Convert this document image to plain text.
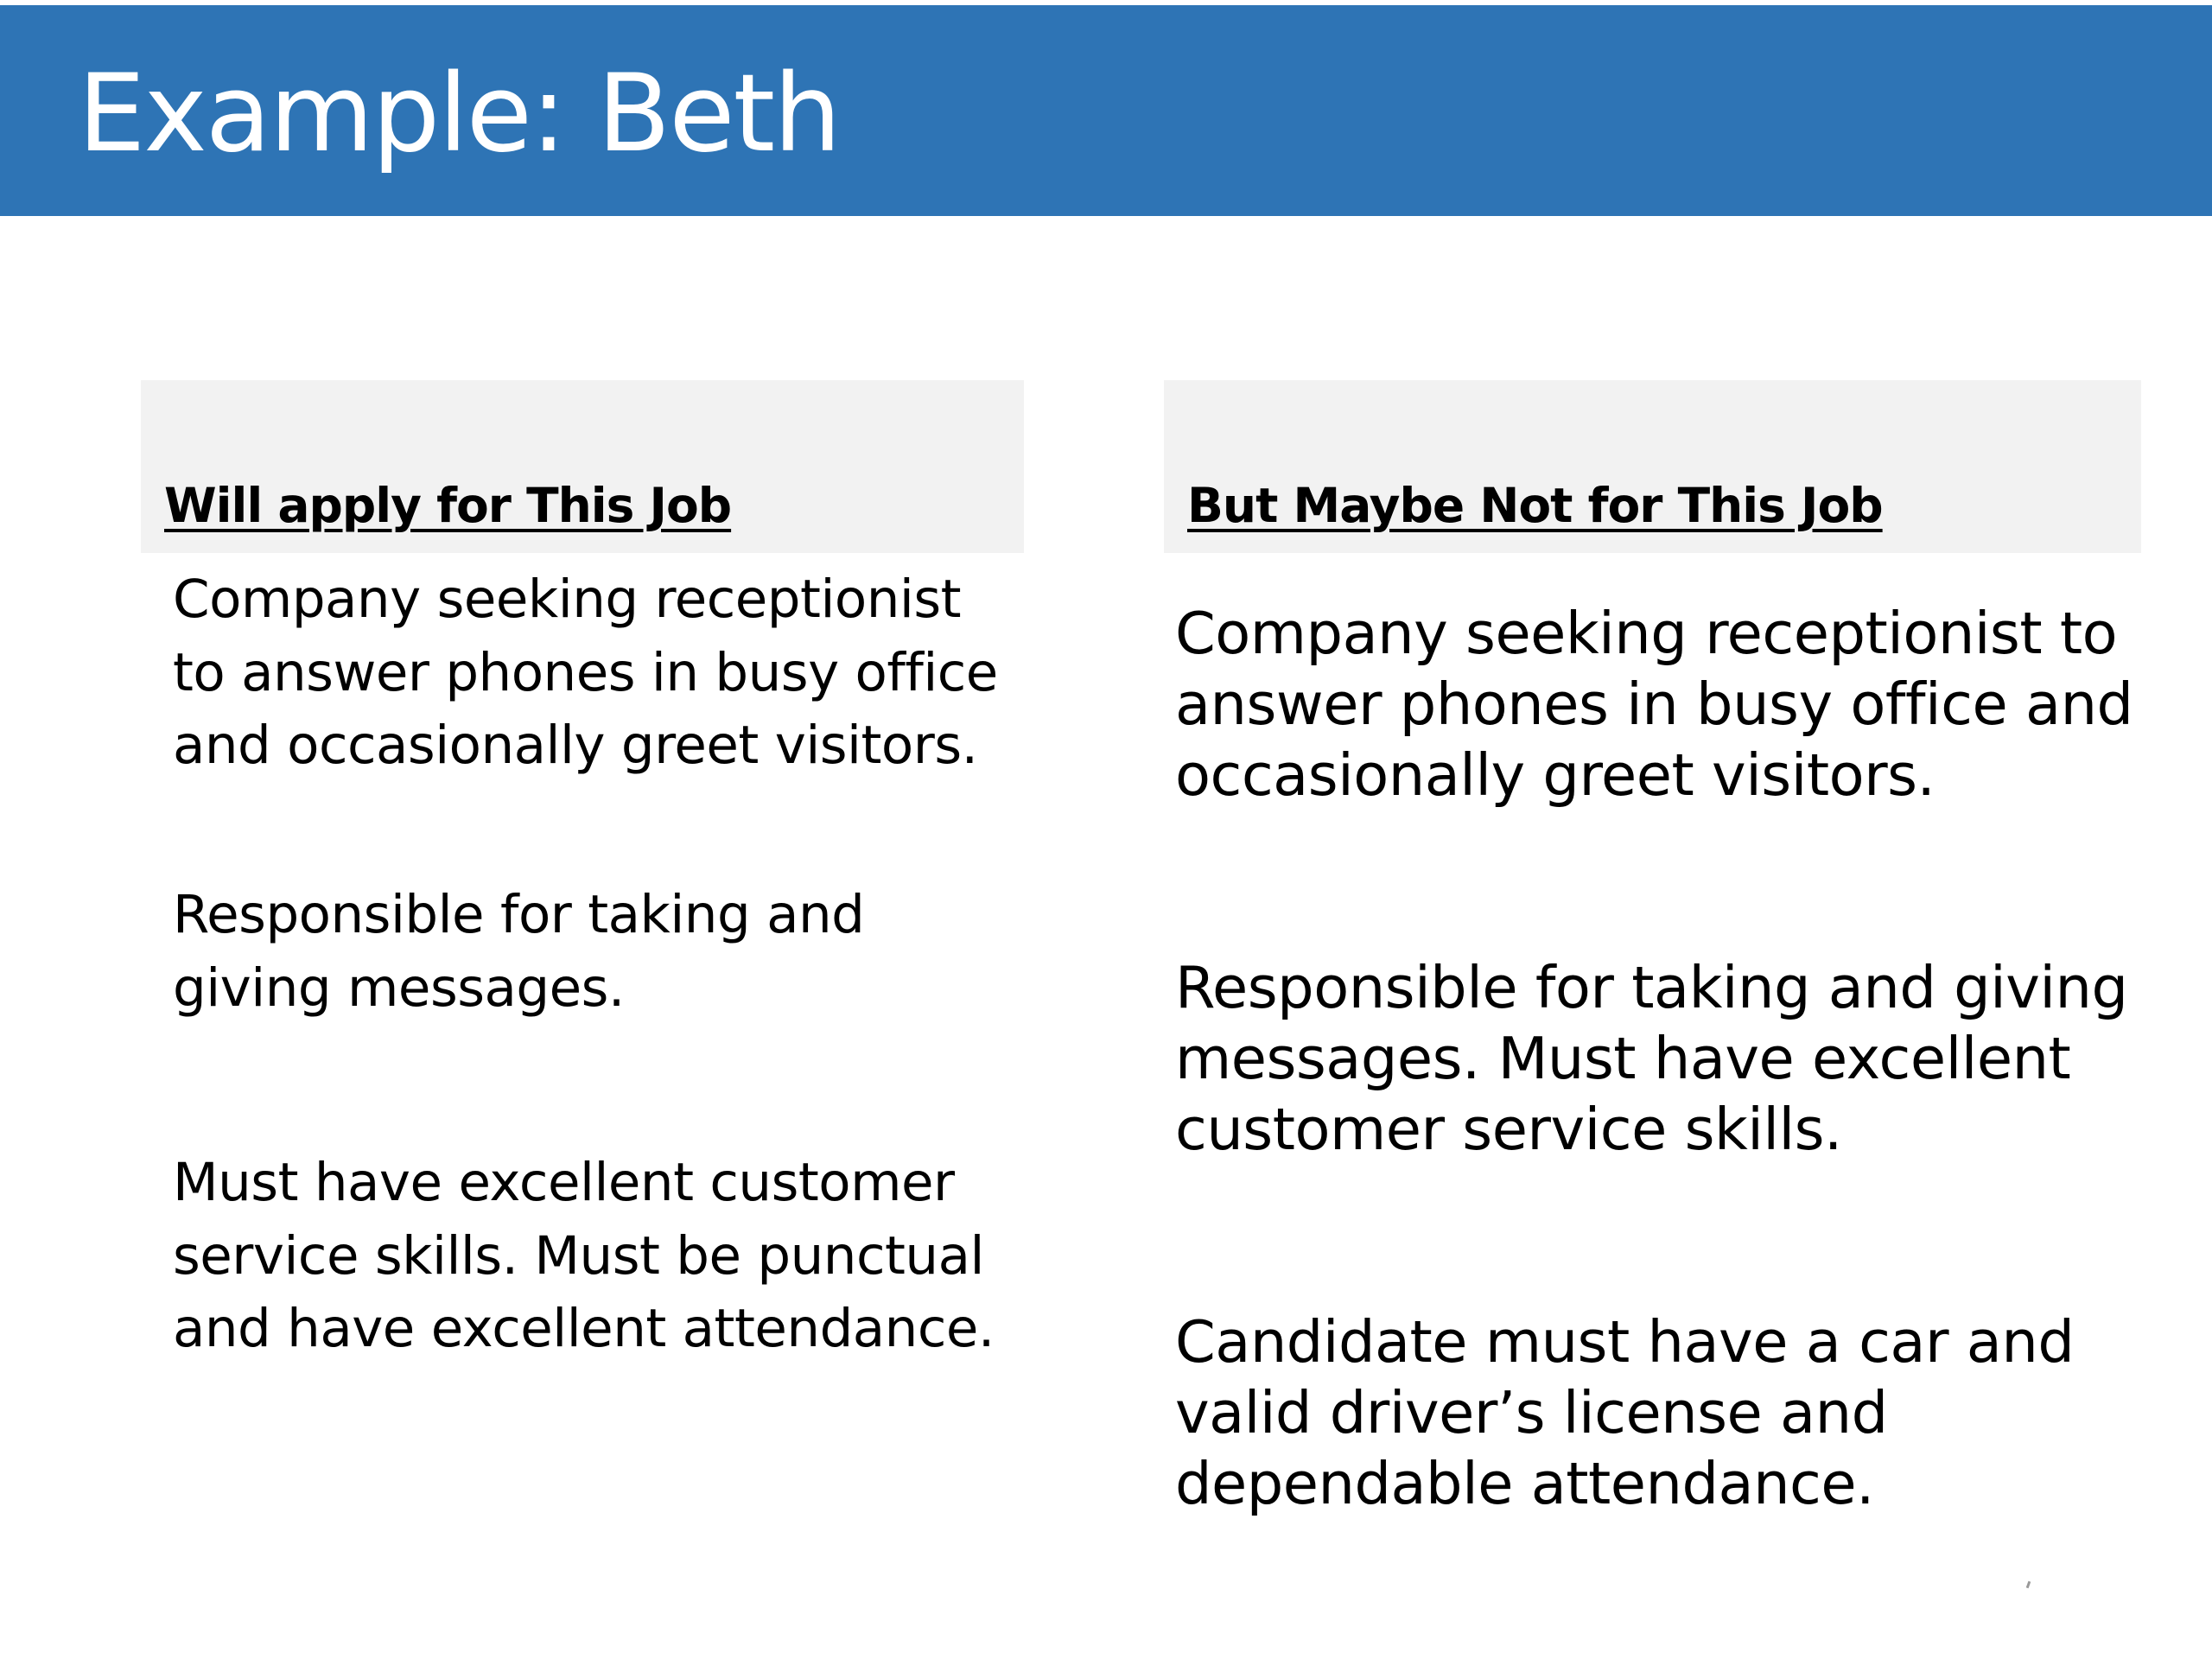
Example: Beth
Will apply for This Job	But Maybe Not for This Job

Company seeking receptionist to answer phones in busy office and occasionally greet visitors.

Responsible for taking and giving messages.

Must have excellent customer service skills. Must be punctual and have excellent attendance.

Company seeking receptionist to answer phones in busy office and occasionally greet visitors.

Responsible for taking and giving messages. Must have excellent customer service skills.

Candidate must have a car and valid driver’s license and dependable attendance.
